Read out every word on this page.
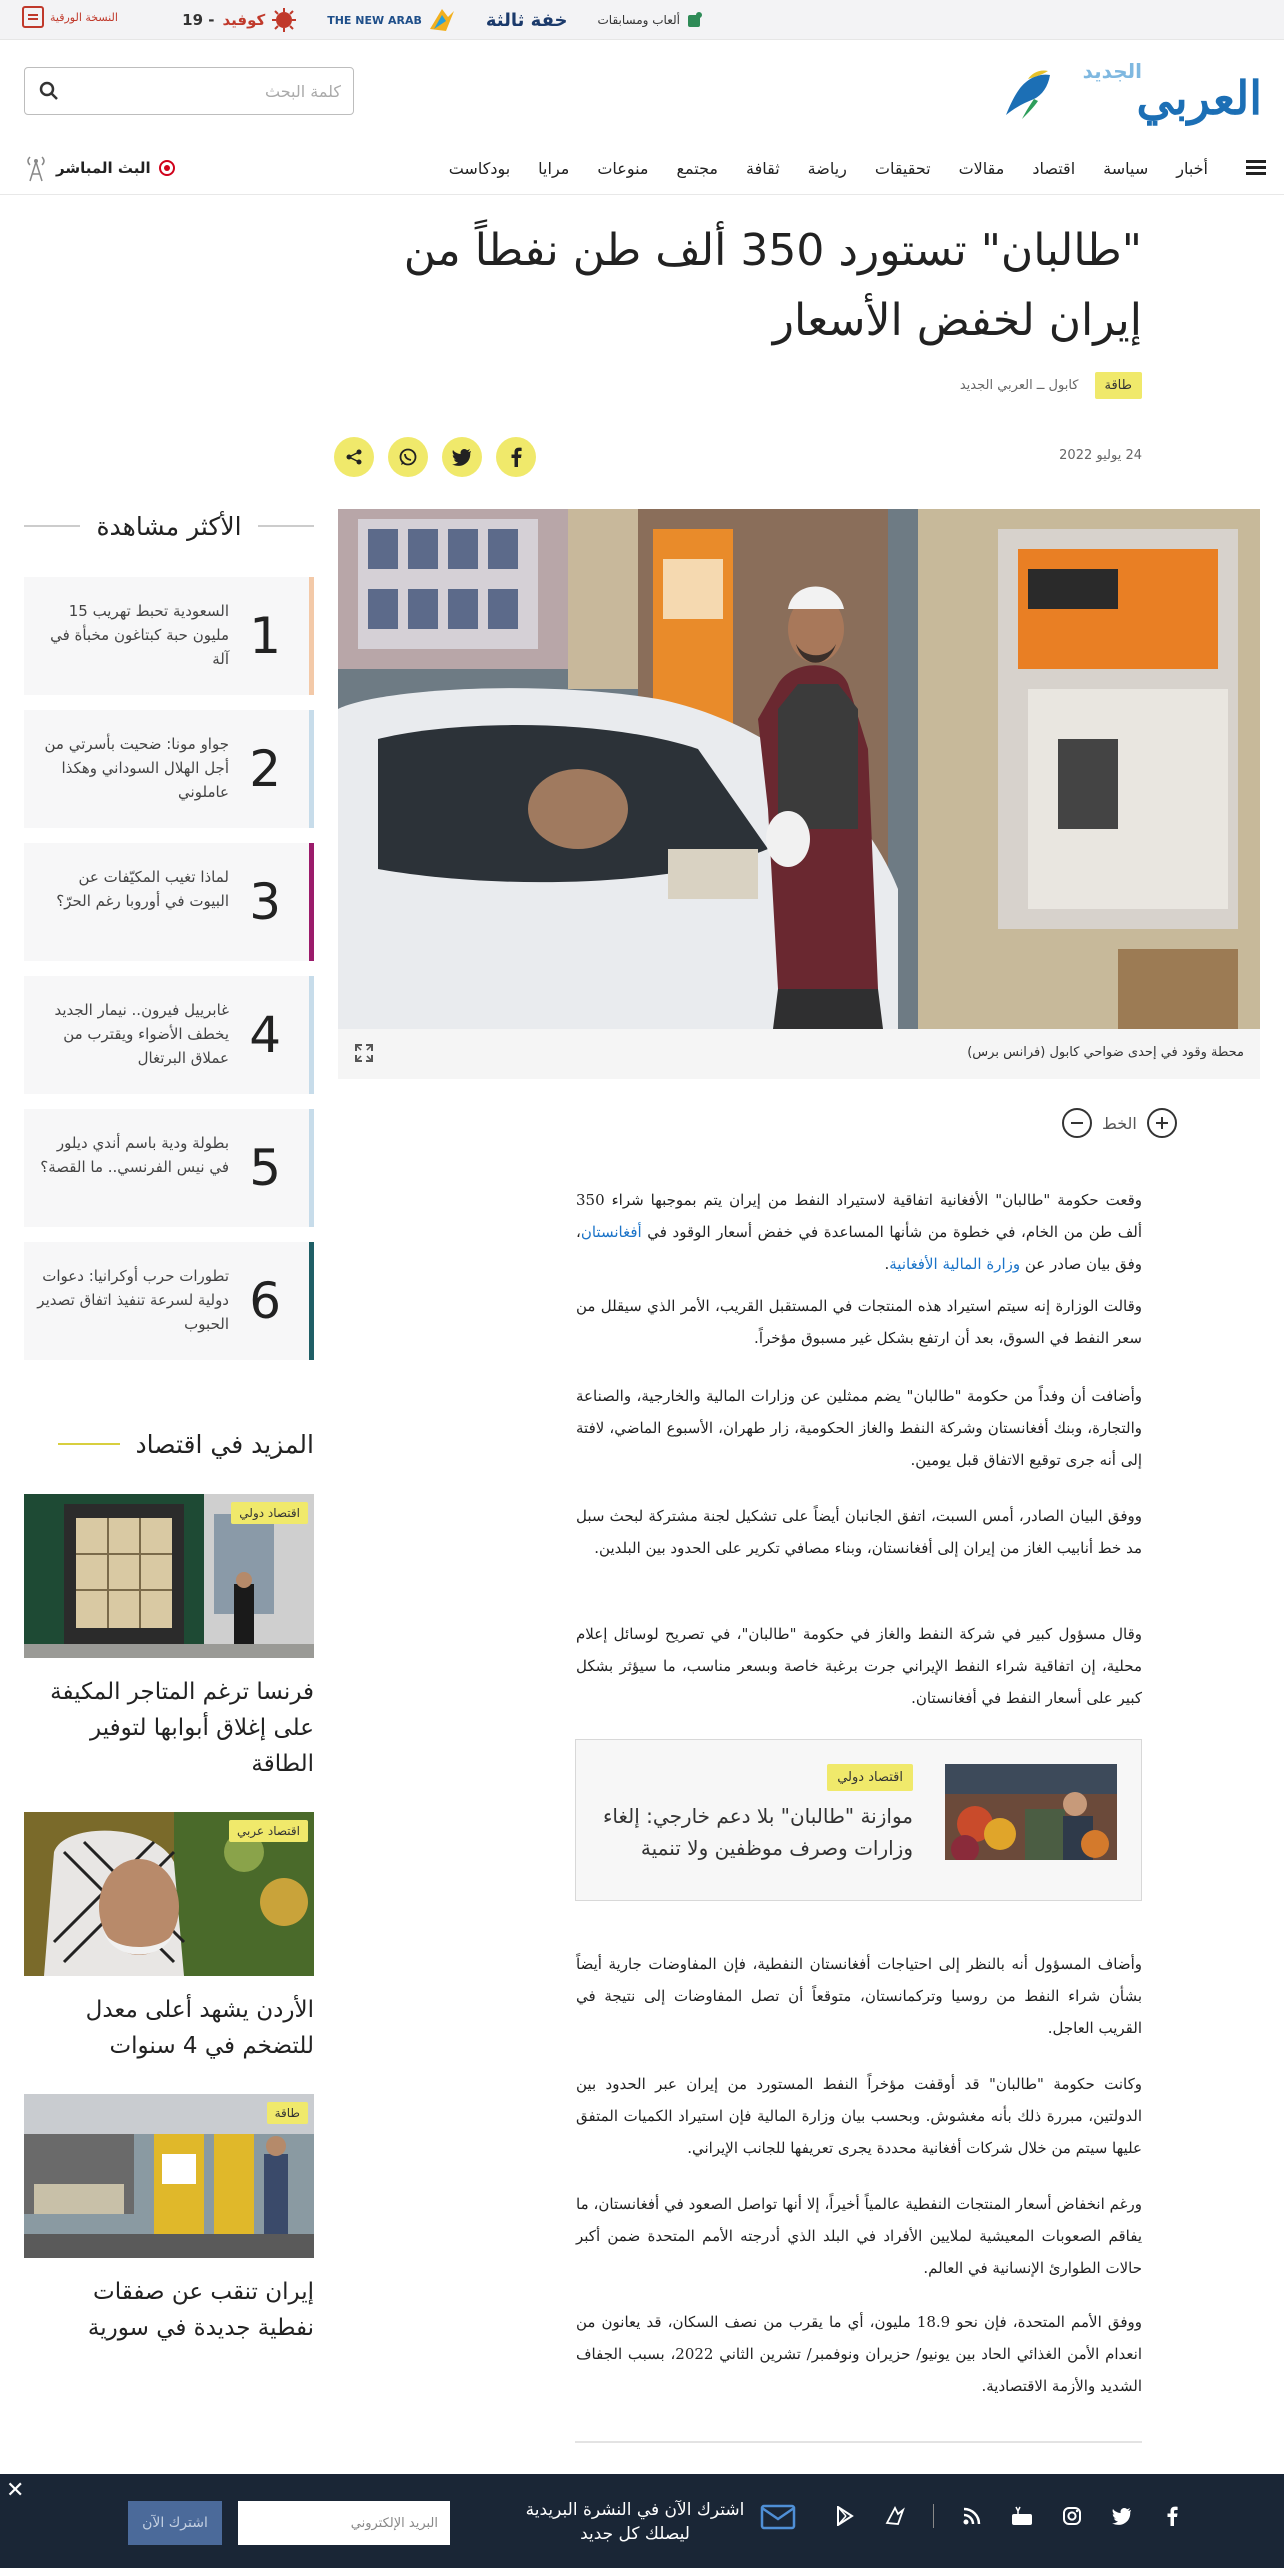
ألعاب ومسابقات
خفة ثالثة
THE NEW ARAB
كوفيد
- 19
النسخة الورقية
الجديد
العربي
كلمة البحث
أخبار
سياسة
اقتصاد
مقالات
تحقيقات
رياضة
ثقافة
مجتمع
منوعات
مرايا
بودكاست
البث المباشر
"طالبان" تستورد 350 ألف طن نفطاً من إيران لخفض الأسعار
طاقة
كابول ــ العربي الجديد
24 يوليو 2022
محطة وقود في إحدى ضواحي كابول (فرانس برس)
الخط

وقعت حكومة "طالبان" الأفغانية اتفاقية لاستيراد النفط من إيران يتم بموجبها شراء 350 ألف طن من الخام، في خطوة من شأنها المساعدة في خفض أسعار الوقود في أفغانستان، وفق بيان صادر عن وزارة المالية الأفغانية.

وقالت الوزارة إنه سيتم استيراد هذه المنتجات في المستقبل القريب، الأمر الذي سيقلل من سعر النفط في السوق، بعد أن ارتفع بشكل غير مسبوق مؤخراً.

وأضافت أن وفداً من حكومة "طالبان" يضم ممثلين عن وزارات المالية والخارجية، والصناعة والتجارة، وبنك أفغانستان وشركة النفط والغاز الحكومية، زار طهران، الأسبوع الماضي، لافتة إلى أنه جرى توقيع الاتفاق قبل يومين.

ووفق البيان الصادر، أمس السبت، اتفق الجانبان أيضاً على تشكيل لجنة مشتركة لبحث سبل مد خط أنابيب الغاز من إيران إلى أفغانستان، وبناء مصافي تكرير على الحدود بين البلدين.

وقال مسؤول كبير في شركة النفط والغاز في حكومة "طالبان"، في تصريح لوسائل إعلام محلية، إن اتفاقية شراء النفط الإيراني جرت برغبة خاصة وبسعر مناسب، ما سيؤثر بشكل كبير على أسعار النفط في أفغانستان.

اقتصاد دولي
موازنة "طالبان" بلا دعم خارجي: إلغاء وزارات وصرف موظفين ولا تنمية

وأضاف المسؤول أنه بالنظر إلى احتياجات أفغانستان النفطية، فإن المفاوضات جارية أيضاً بشأن شراء النفط من روسيا وتركمانستان، متوقعاً أن تصل المفاوضات إلى نتيجة في القريب العاجل.

وكانت حكومة "طالبان" قد أوقفت مؤخراً النفط المستورد من إيران عبر الحدود بين الدولتين، مبررة ذلك بأنه مغشوش. وبحسب بيان وزارة المالية فإن استيراد الكميات المتفق عليها سيتم من خلال شركات أفغانية محددة يجرى تعريفها للجانب الإيراني.

ورغم انخفاض أسعار المنتجات النفطية عالمياً أخيراً، إلا أنها تواصل الصعود في أفغانستان، ما يفاقم الصعوبات المعيشية لملايين الأفراد في البلد الذي أدرجته الأمم المتحدة ضمن أكبر حالات الطوارئ الإنسانية في العالم.

ووفق الأمم المتحدة، فإن نحو 18.9 مليون، أي ما يقرب من نصف السكان، قد يعانون من انعدام الأمن الغذائي الحاد بين يونيو/ حزيران ونوفمبر/ تشرين الثاني 2022، بسبب الجفاف الشديد والأزمة الاقتصادية.

الأكثر مشاهدة
1
السعودية تحبط تهريب 15 مليون حبة كبتاغون مخبأة في آلة
2
جواو مونا: ضحيت بأسرتي من أجل الهلال السوداني وهكذا عاملوني
3
لماذا تغيب المكيّفات عن البيوت في أوروبا رغم الحرّ؟
4
غابرييل فيرون.. نيمار الجديد يخطف الأضواء ويقترب من عملاق البرتغال
5
بطولة ودية باسم أندي ديلور في نيس الفرنسي.. ما القصة؟
6
تطورات حرب أوكرانيا: دعوات دولية لسرعة تنفيذ اتفاق تصدير الحبوب
المزيد في اقتصاد
اقتصاد دولي
فرنسا ترغم المتاجر المكيفة على إغلاق أبوابها لتوفير الطاقة
اقتصاد عربي
الأردن يشهد أعلى معدل للتضخم في 4 سنوات
طاقة
إيران تنقب عن صفقات نفطية جديدة في سورية
✕
اشترك الآن في النشرة البريدية ليصلك كل جديد
البريد الإلكتروني
اشترك الآن
